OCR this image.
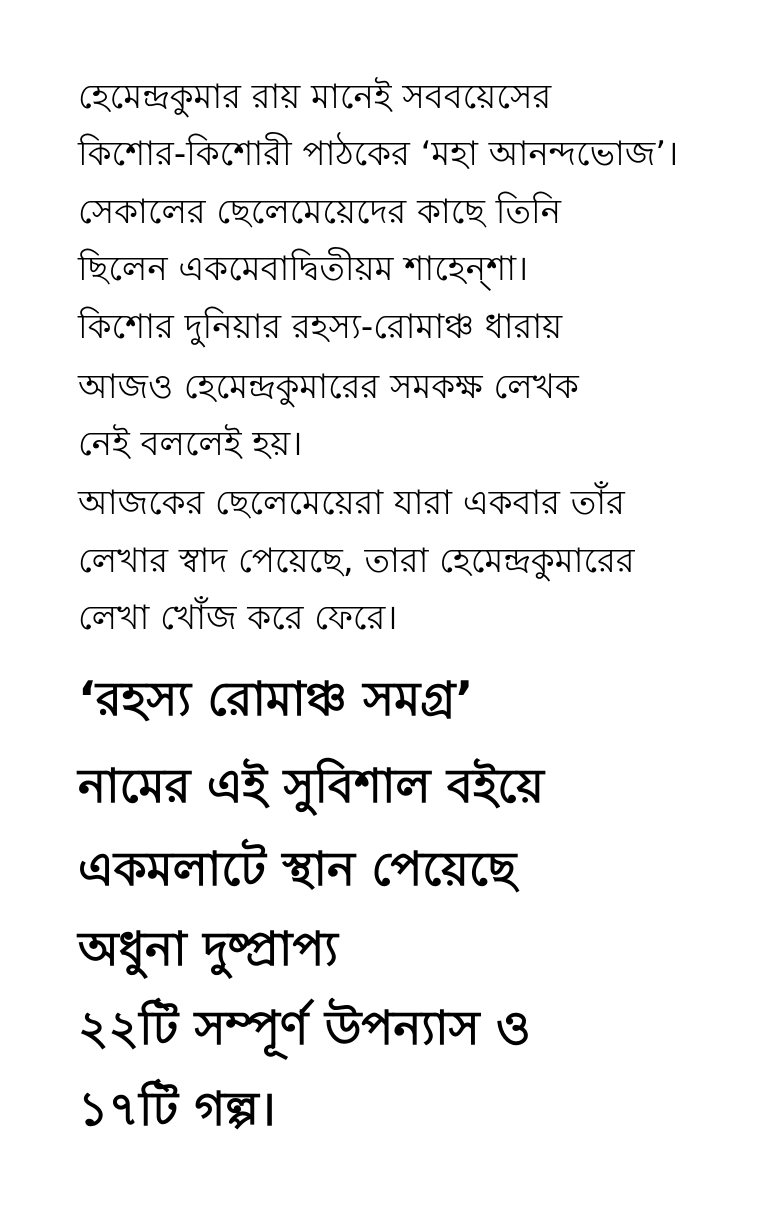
হেমেন্দ্রকুমার রায় মানেই সববয়েসের
কিশোর-কিশোরী পাঠকের ‘মহা আনন্দভোজ’।
সেকালের ছেলেমেয়েদের কাছে তিনি
ছিলেন একমেবাদ্বিতীয়ম শাহেন্‌শা।
কিশোর দুনিয়ার রহস্য-রোমাঞ্চ ধারায়
আজও হেমেন্দ্রকুমারের সমকক্ষ লেখক
নেই বললেই হয়।
আজকের ছেলেমেয়েরা যারা একবার তাঁর
লেখার স্বাদ পেয়েছে, তারা হেমেন্দ্রকুমারের
লেখা খোঁজ করে ফেরে।
‘রহস্য রোমাঞ্চ সমগ্র’
নামের এই সুবিশাল বইয়ে
একমলাটে স্থান পেয়েছে
অধুনা দুষ্প্রাপ্য
২২টি সম্পূর্ণ উপন্যাস ও
১৭টি গল্প।
